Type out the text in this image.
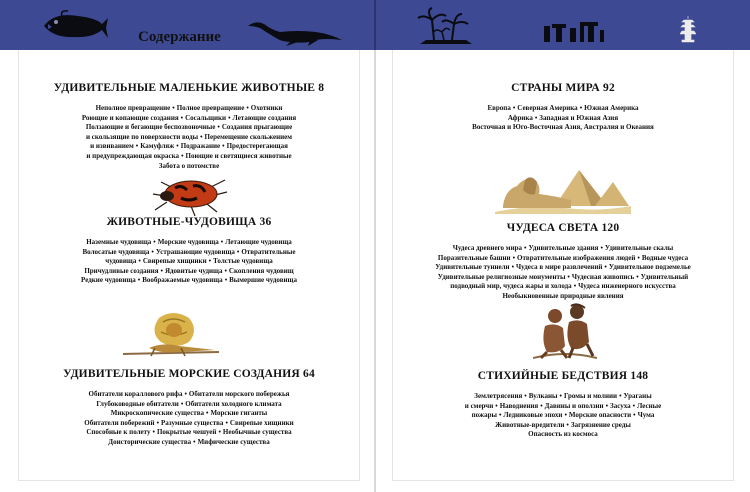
Содержание
УДИВИТЕЛЬНЫЕ МАЛЕНЬКИЕ ЖИВОТНЫЕ 8
Неполное превращение • Полное превращение • Охотники
Роющие и копающие создания • Сосальщики • Летающие создания
Ползающие и бегающие беспозвоночные • Создания прыгающие
и скользящие по поверхности воды • Перемещение скольжением
и извиванием • Камуфляж • Подражание • Предостерегающая
и предупреждающая окраска • Поющие и светящиеся животные
Забота о потомстве
ЖИВОТНЫЕ-ЧУДОВИЩА 36
Наземные чудовища • Морские чудовища • Летающие чудовища
Волосатые чудовища • Устрашающие чудовища • Отвратительные
чудовища • Свирепые хищники • Толстые чудовища
Причудливые создания • Ядовитые чудища • Скопления чудовищ
Редкие чудовища • Воображаемые чудовища • Вымершие чудовища
УДИВИТЕЛЬНЫЕ МОРСКИЕ СОЗДАНИЯ 64
Обитатели кораллового рифа • Обитатели морского побережья
Глубоководные обитатели • Обитатели холодного климата
Микроскопические существа • Морские гиганты
Обитатели побережий • Разумные существа • Свирепые хищники
Способные к полету • Покрытые чешуей • Необычные существа
Доисторические существа • Мифические существа
СТРАНЫ МИРА 92
Европа • Северная Америка • Южная Америка
Африка • Западная и Южная Азия
Восточная и Юго-Восточная Азия, Австралия и Океания
ЧУДЕСА СВЕТА 120
Чудеса древнего мира • Удивительные здания • Удивительные скалы
Поразительные башни • Отвратительные изображения людей • Водные чудеса
Удивительные туннели • Чудеса в мире развлечений • Удивительное подземелье
Удивительные религиозные монументы • Чудесная живопись • Удивительный
подводный мир, чудеса жары и холода • Чудеса инженерного искусства
Необыкновенные природные явления
СТИХИЙНЫЕ БЕДСТВИЯ 148
Землетрясения • Вулканы • Громы и молнии • Ураганы
и смерчи • Наводнения • Давины и оползни • Засуха • Лесные
пожары • Ледниковые эпохи • Морские опасности • Чума
Животные-вредители • Загрязнение среды
Опасность из космоса
